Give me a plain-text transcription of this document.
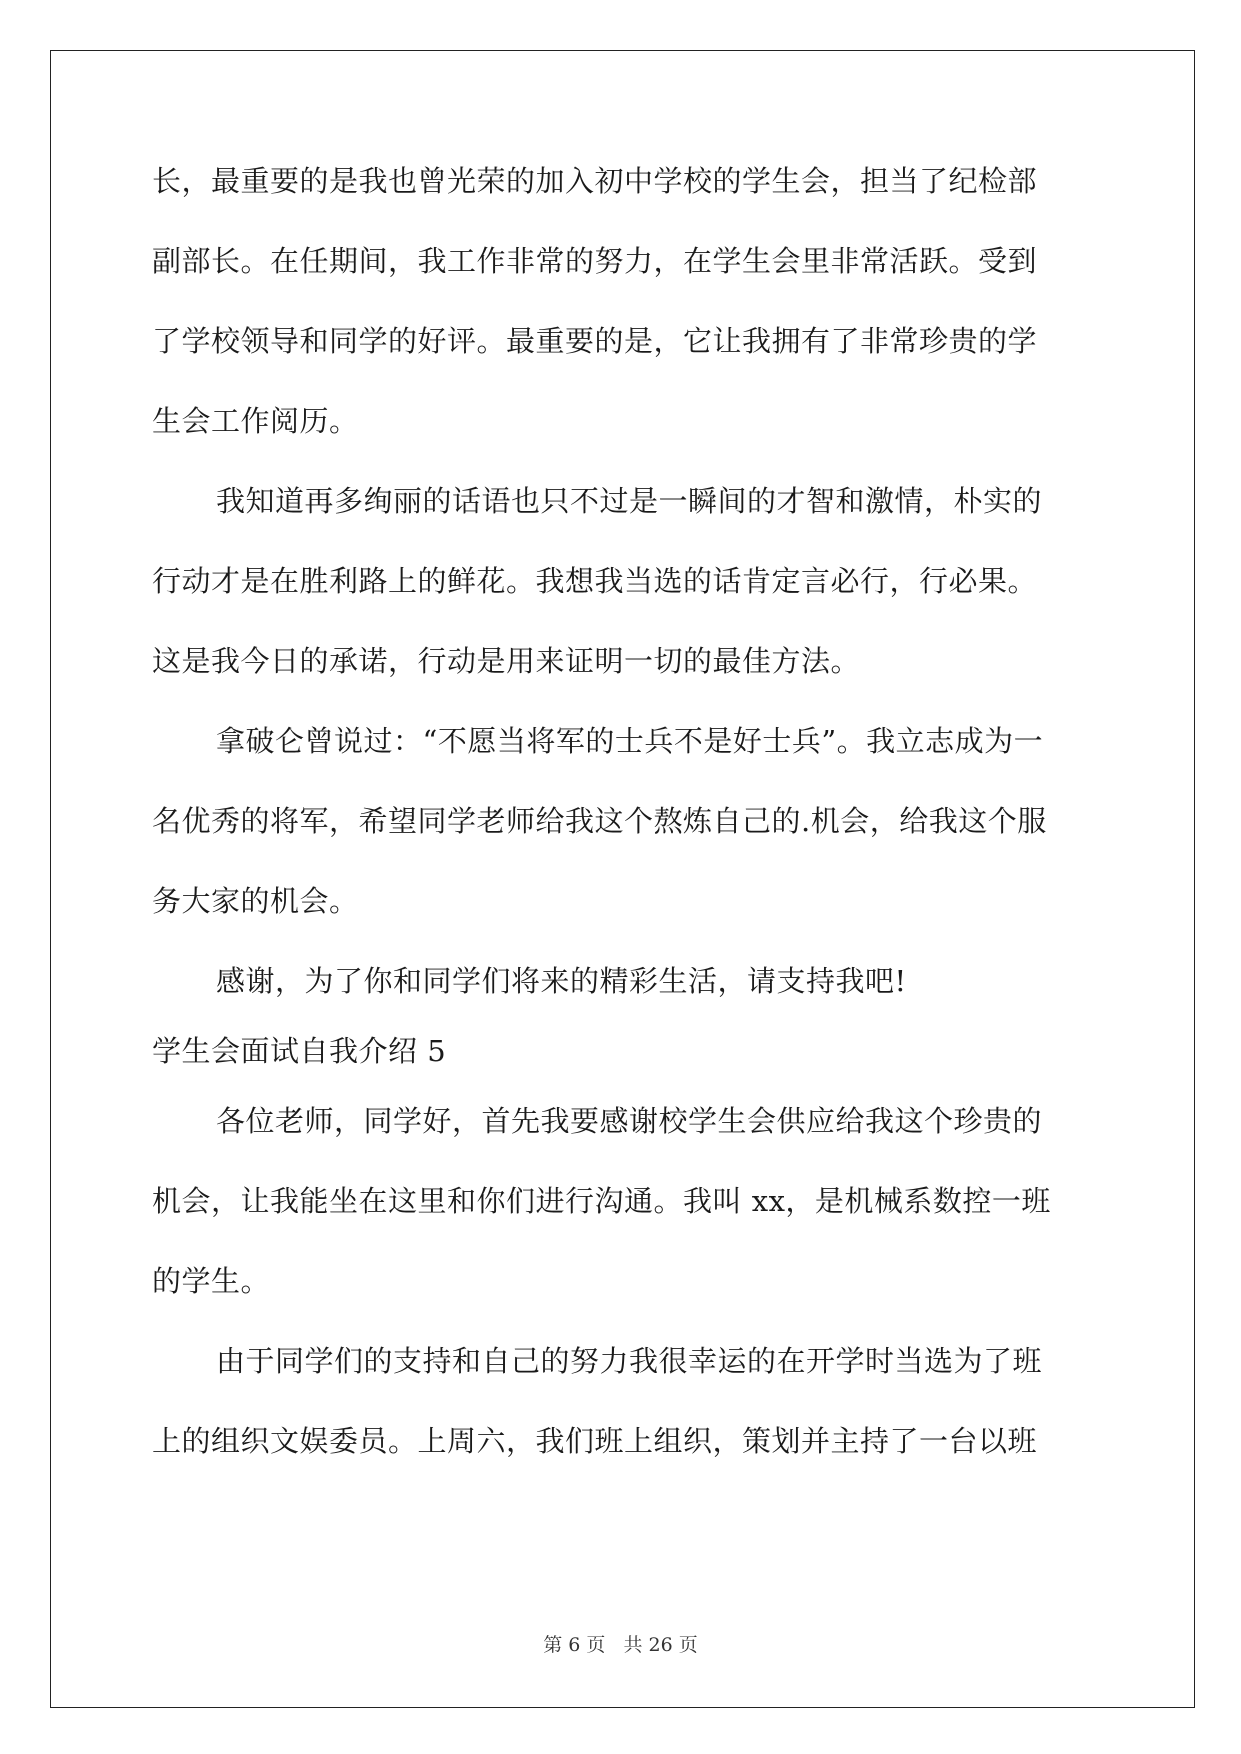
长，最重要的是我也曾光荣的加入初中学校的学生会，担当了纪检部
副部长。在任期间，我工作非常的努力，在学生会里非常活跃。受到
了学校领导和同学的好评。最重要的是，它让我拥有了非常珍贵的学
生会工作阅历。
我知道再多绚丽的话语也只不过是一瞬间的才智和激情，朴实的
行动才是在胜利路上的鲜花。我想我当选的话肯定言必行，行必果。
这是我今日的承诺，行动是用来证明一切的最佳方法。
拿破仑曾说过：“不愿当将军的士兵不是好士兵”。我立志成为一
名优秀的将军，希望同学老师给我这个熬炼自己的.机会，给我这个服
务大家的机会。
感谢，为了你和同学们将来的精彩生活，请支持我吧!
学生会面试自我介绍 5
各位老师，同学好，首先我要感谢校学生会供应给我这个珍贵的
机会，让我能坐在这里和你们进行沟通。我叫 xx，是机械系数控一班
的学生。
由于同学们的支持和自己的努力我很幸运的在开学时当选为了班
上的组织文娱委员。上周六，我们班上组织，策划并主持了一台以班
第 6 页 共 26 页
